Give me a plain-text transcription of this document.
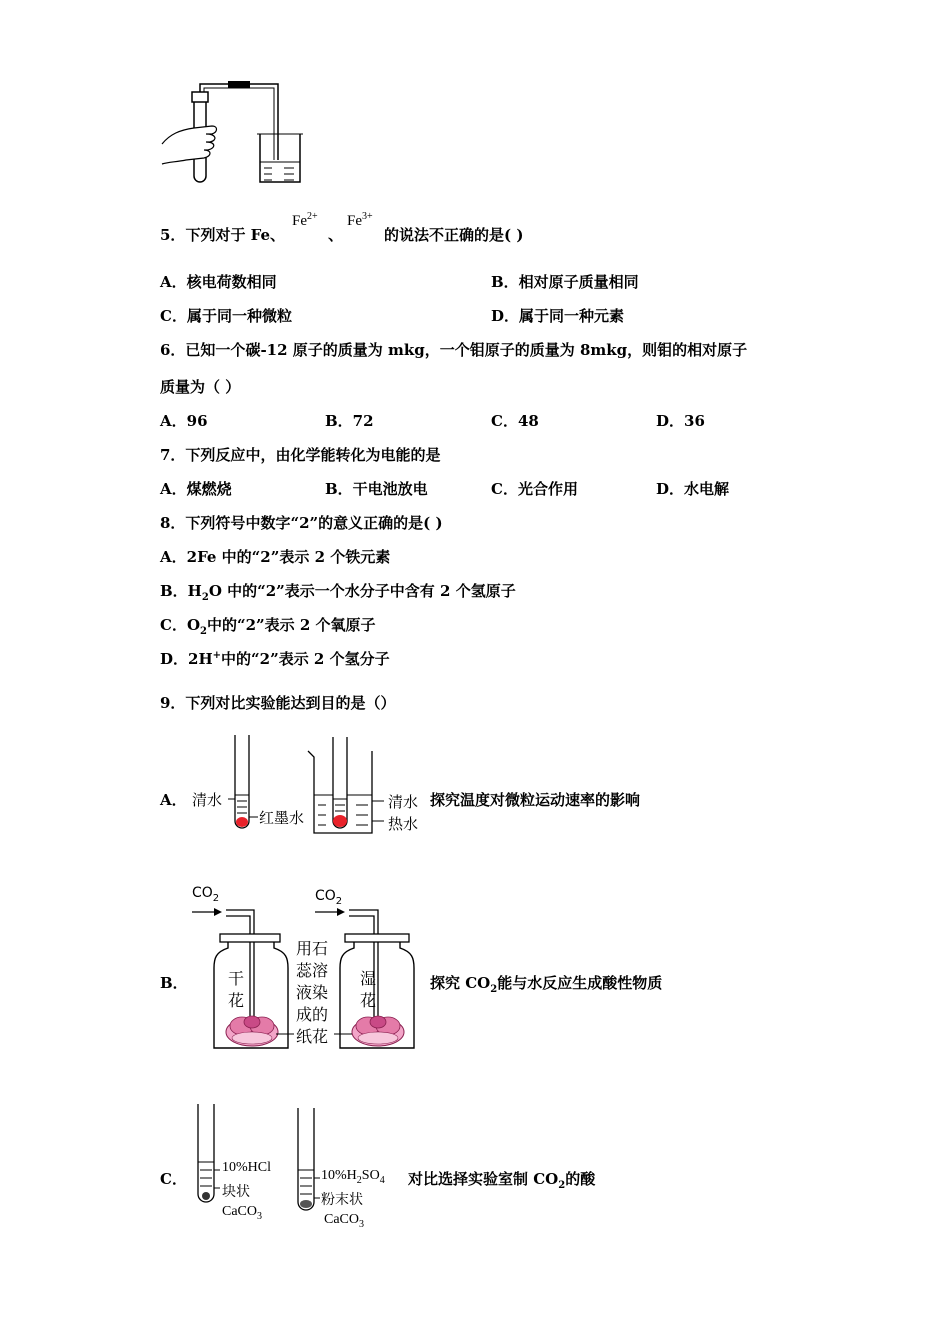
5．下列对于 Fe、
$Fe^{2+}$
、
$Fe^{3+}$
的说法不正确的是( )
A．核电荷数相同	B．相对原子质量相同
C．属于同一种微粒	D．属于同一种元素
6．已知一个碳-12 原子的质量为 mkg，一个钼原子的质量为 8mkg，则钼的相对原子
质量为（ ）
A．96	B．72	C．48	D．36
7．下列反应中，由化学能转化为电能的是
A．煤燃烧	B．干电池放电	C．光合作用	D．水电解
8．下列符号中数字“2”的意义正确的是( )
A．2Fe 中的“2”表示 2 个铁元素
B．$H_2O$ 中的“2”表示一个水分子中含有 2 个氢原子
C．$O_2$中的“2”表示 2 个氧原子
D．2H+中的“2”表示 2 个氢分子
9．下列对比实验能达到目的是（）
A． 清水
红墨水
清水
热水
探究温度对微粒运动速率的影响
B．
$CO_2$	$CO_2$
干
花
湿
花
用石
蕊溶
液染
成的
纸花
探究 $CO_2$能与水反应生成酸性物质
C．
10%HCl
块状
CaCO$_3$
$10\%H_2SO_4$
粉末状
CaCO$_3$
对比选择实验室制 $CO_2$的酸
